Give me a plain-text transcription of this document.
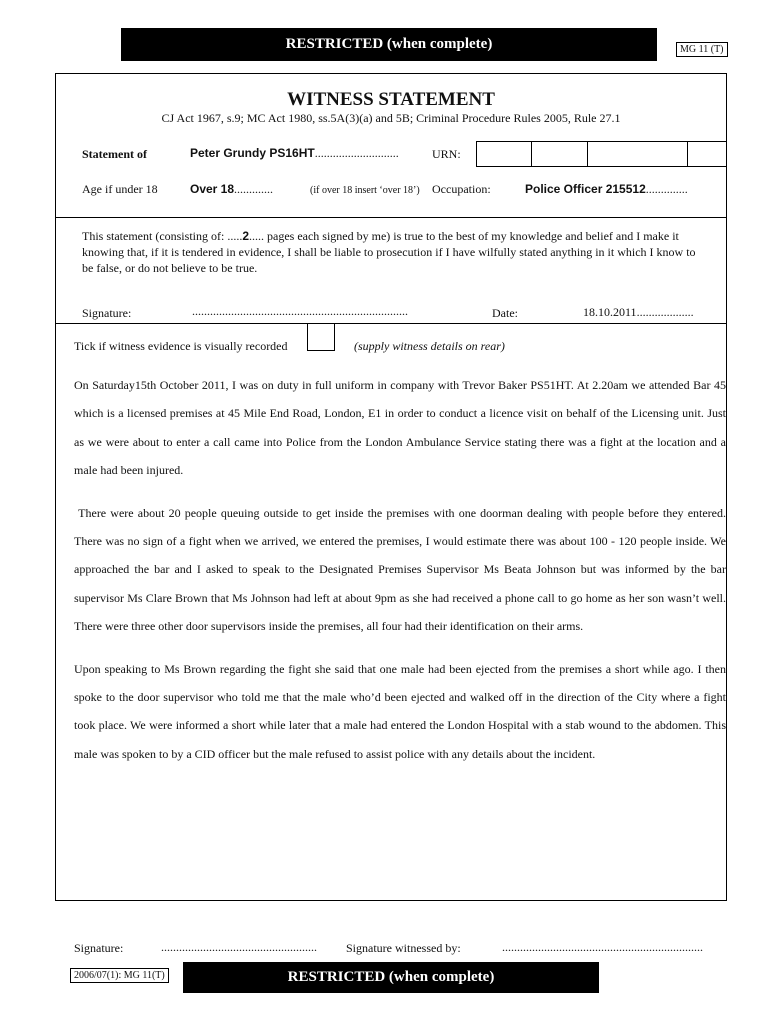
RESTRICTED (when complete)	MG 11 (T)
WITNESS STATEMENT
CJ Act 1967, s.9; MC Act 1980, ss.5A(3)(a) and 5B; Criminal Procedure Rules 2005, Rule 27.1
Statement of	Peter Grundy PS16HT............................	URN:
Age if under 18	Over 18.............	(if over 18 insert ‘over 18’) Occupation:	Police Officer 215512..............
This statement (consisting of: .....2..... pages each signed by me) is true to the best of my knowledge and belief and I make it knowing that, if it is tendered in evidence, I shall be liable to prosecution if I have wilfully stated anything in it which I know to be false, or do not believe to be true.
Signature:	........................................................................	Date:	18.10.2011...................
Tick if witness evidence is visually recorded	(supply witness details on rear)

On Saturday15th October 2011, I was on duty in full uniform in company with Trevor Baker PS51HT. At 2.20am we attended Bar 45 which is a licensed premises at 45 Mile End Road, London, E1 in order to conduct a licence visit on behalf of the Licensing unit. Just as we were about to enter a call came into Police from the London Ambulance Service stating there was a fight at the location and a male had been injured.

There were about 20 people queuing outside to get inside the premises with one doorman dealing with people before they entered. There was no sign of a fight when we arrived, we entered the premises, I would estimate there was about 100 - 120 people inside. We approached the bar and I asked to speak to the Designated Premises Supervisor Ms Beata Johnson but was informed by the bar supervisor Ms Clare Brown that Ms Johnson had left at about 9pm as she had received a phone call to go home as her son wasn’t well. There were three other door supervisors inside the premises, all four had their identification on their arms.

Upon speaking to Ms Brown regarding the fight she said that one male had been ejected from the premises a short while ago. I then spoke to the door supervisor who told me that the male who’d been ejected and walked off in the direction of the City where a fight took place. We were informed a short while later that a male had entered the London Hospital with a stab wound to the abdomen. This male was spoken to by a CID officer but the male refused to assist police with any details about the incident.

Signature:	.................................................... Signature witnessed by:	...................................................................
2006/07(1): MG 11(T)	RESTRICTED (when complete)
